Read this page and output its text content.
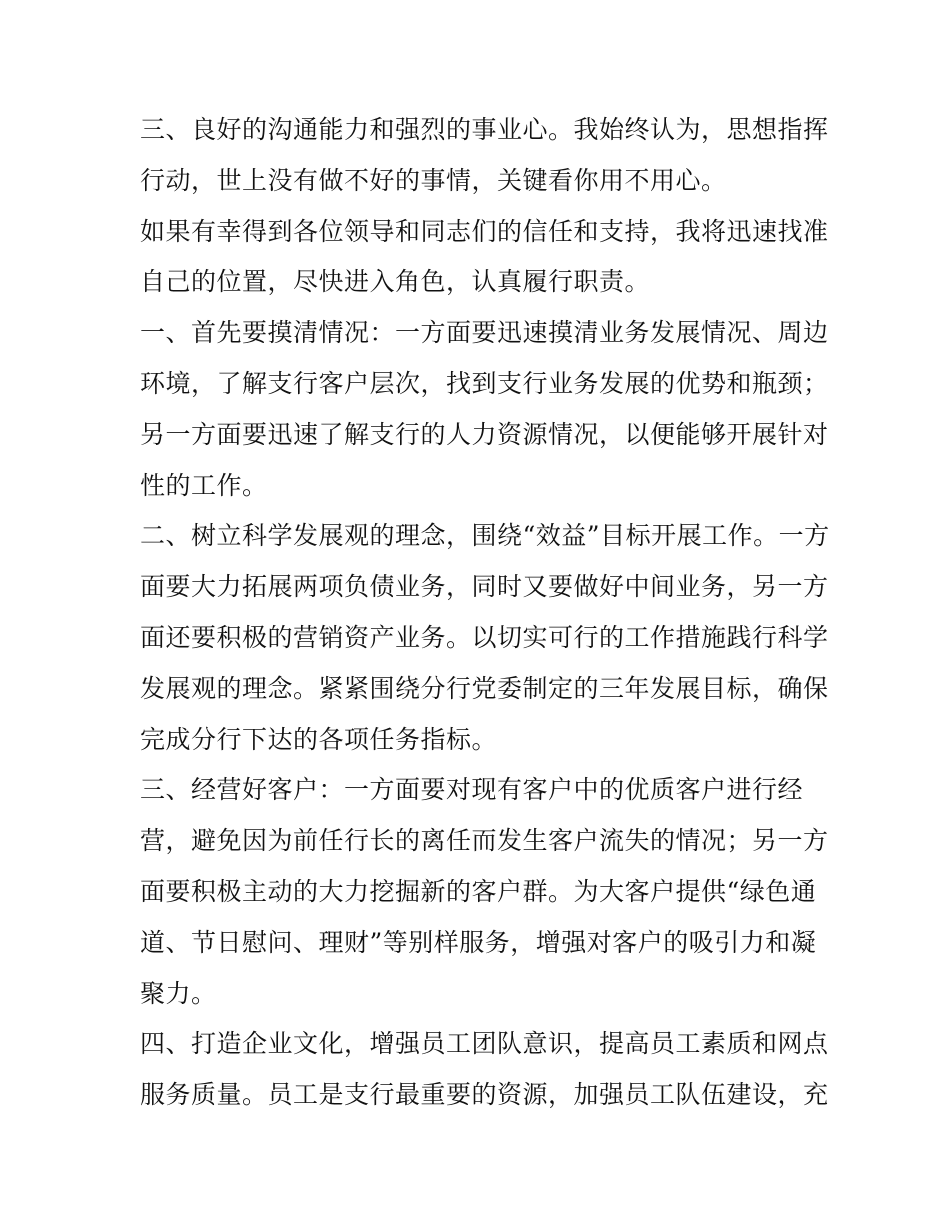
三、良好的沟通能力和强烈的事业心。我始终认为，思想指挥
行动，世上没有做不好的事情，关键看你用不用心。
如果有幸得到各位领导和同志们的信任和支持，我将迅速找准
自己的位置，尽快进入角色，认真履行职责。
一、首先要摸清情况：一方面要迅速摸清业务发展情况、周边
环境，了解支行客户层次，找到支行业务发展的优势和瓶颈；
另一方面要迅速了解支行的人力资源情况，以便能够开展针对
性的工作。
二、树立科学发展观的理念，围绕“效益”目标开展工作。一方
面要大力拓展两项负债业务，同时又要做好中间业务，另一方
面还要积极的营销资产业务。以切实可行的工作措施践行科学
发展观的理念。紧紧围绕分行党委制定的三年发展目标，确保
完成分行下达的各项任务指标。
三、经营好客户：一方面要对现有客户中的优质客户进行经
营，避免因为前任行长的离任而发生客户流失的情况；另一方
面要积极主动的大力挖掘新的客户群。为大客户提供“绿色通
道、节日慰问、理财”等别样服务，增强对客户的吸引力和凝
聚力。
四、打造企业文化，增强员工团队意识，提高员工素质和网点
服务质量。员工是支行最重要的资源，加强员工队伍建设，充
